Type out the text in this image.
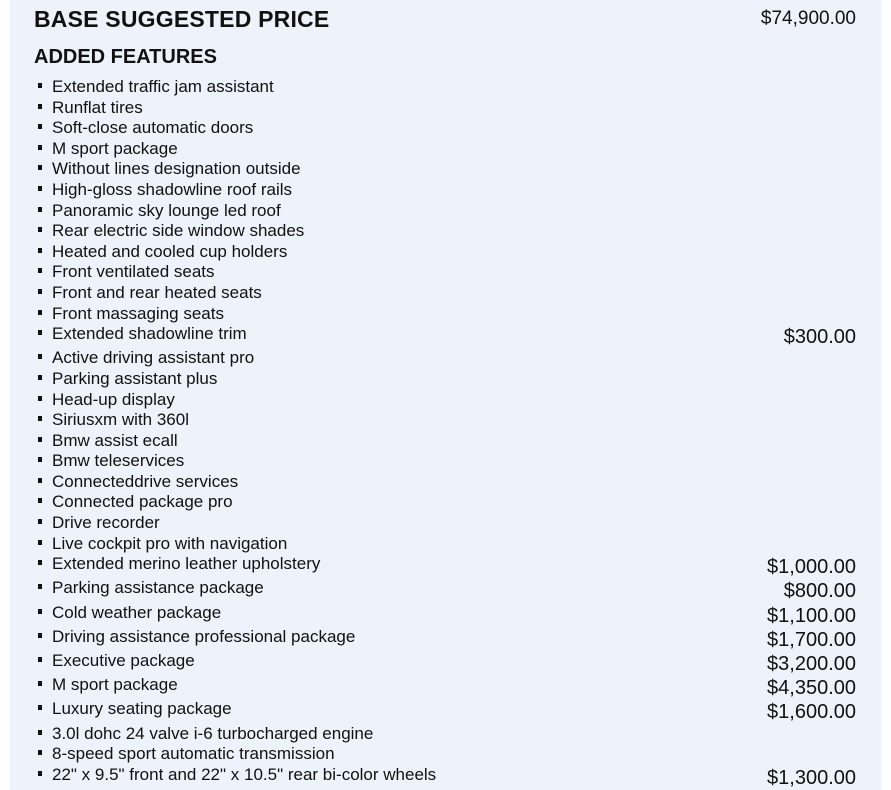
BASE SUGGESTED PRICE	$74,900.00
ADDED FEATURES
Extended traffic jam assistant
Runflat tires
Soft-close automatic doors
M sport package
Without lines designation outside
High-gloss shadowline roof rails
Panoramic sky lounge led roof
Rear electric side window shades
Heated and cooled cup holders
Front ventilated seats
Front and rear heated seats
Front massaging seats
Extended shadowline trim	$300.00
Active driving assistant pro
Parking assistant plus
Head-up display
Siriusxm with 360l
Bmw assist ecall
Bmw teleservices
Connecteddrive services
Connected package pro
Drive recorder
Live cockpit pro with navigation
Extended merino leather upholstery	$1,000.00
Parking assistance package	$800.00
Cold weather package	$1,100.00
Driving assistance professional package	$1,700.00
Executive package	$3,200.00
M sport package	$4,350.00
Luxury seating package	$1,600.00
3.0l dohc 24 valve i-6 turbocharged engine
8-speed sport automatic transmission
22" x 9.5" front and 22" x 10.5" rear bi-color wheels	$1,300.00
